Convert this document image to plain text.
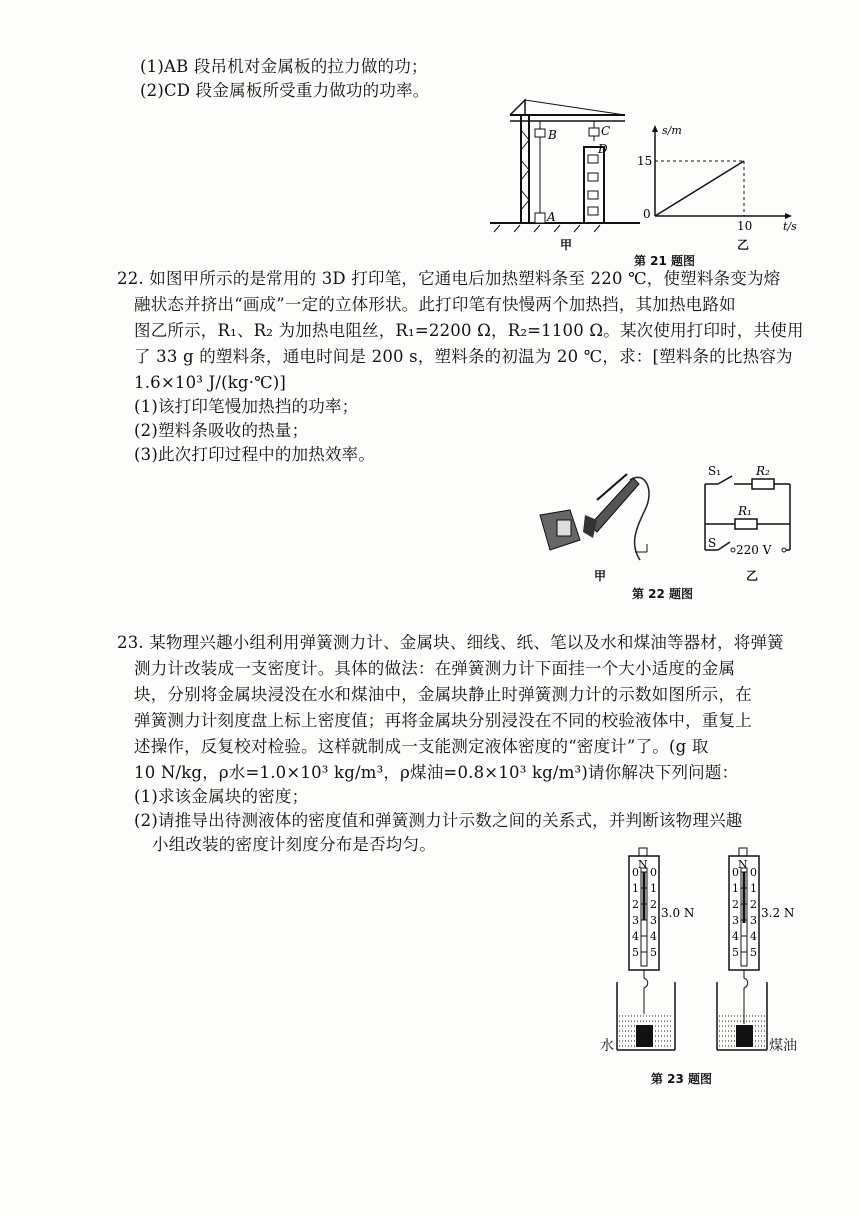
(1)AB 段吊机对金属板的拉力做的功；
(2)CD 段金属板所受重力做功的功率。
B	C
D
A
甲
s/m
15
0
10	t/s
乙
第 21 题图
22. 如图甲所示的是常用的 3D 打印笔，它通电后加热塑料条至 220 ℃，使塑料条变为熔
融状态并挤出“画成”一定的立体形状。此打印笔有快慢两个加热挡，其加热电路如
图乙所示，R₁、R₂ 为加热电阻丝，R₁=2200 Ω，R₂=1100 Ω。某次使用打印时，共使用
了 33 g 的塑料条，通电时间是 200 s，塑料条的初温为 20 ℃，求：[塑料条的比热容为
1.6×10³ J/(kg·℃)]
(1)该打印笔慢加热挡的功率；
(2)塑料条吸收的热量；
(3)此次打印过程中的加热效率。
甲
S₁	R₂
R₁
S 220 V
乙
第 22 题图
23. 某物理兴趣小组利用弹簧测力计、金属块、细线、纸、笔以及水和煤油等器材，将弹簧
测力计改装成一支密度计。具体的做法：在弹簧测力计下面挂一个大小适度的金属
块，分别将金属块浸没在水和煤油中，金属块静止时弹簧测力计的示数如图所示，在
弹簧测力计刻度盘上标上密度值；再将金属块分别浸没在不同的校验液体中，重复上
述操作，反复校对检验。这样就制成一支能测定液体密度的“密度计”了。(g 取
10 N/kg，ρ水=1.0×10³ kg/m³，ρ煤油=0.8×10³ kg/m³)请你解决下列问题：
(1)求该金属块的密度；
(2)请推导出待测液体的密度值和弹簧测力计示数之间的关系式，并判断该物理兴趣
小组改装的密度计刻度分布是否均匀。
N
0
1
2
3
4
5
0
1
2
3
4
5
3.0 N
N
0
1
2
3
4
5
0
1
2
3
4
5
3.2 N
水	煤油
第 23 题图
